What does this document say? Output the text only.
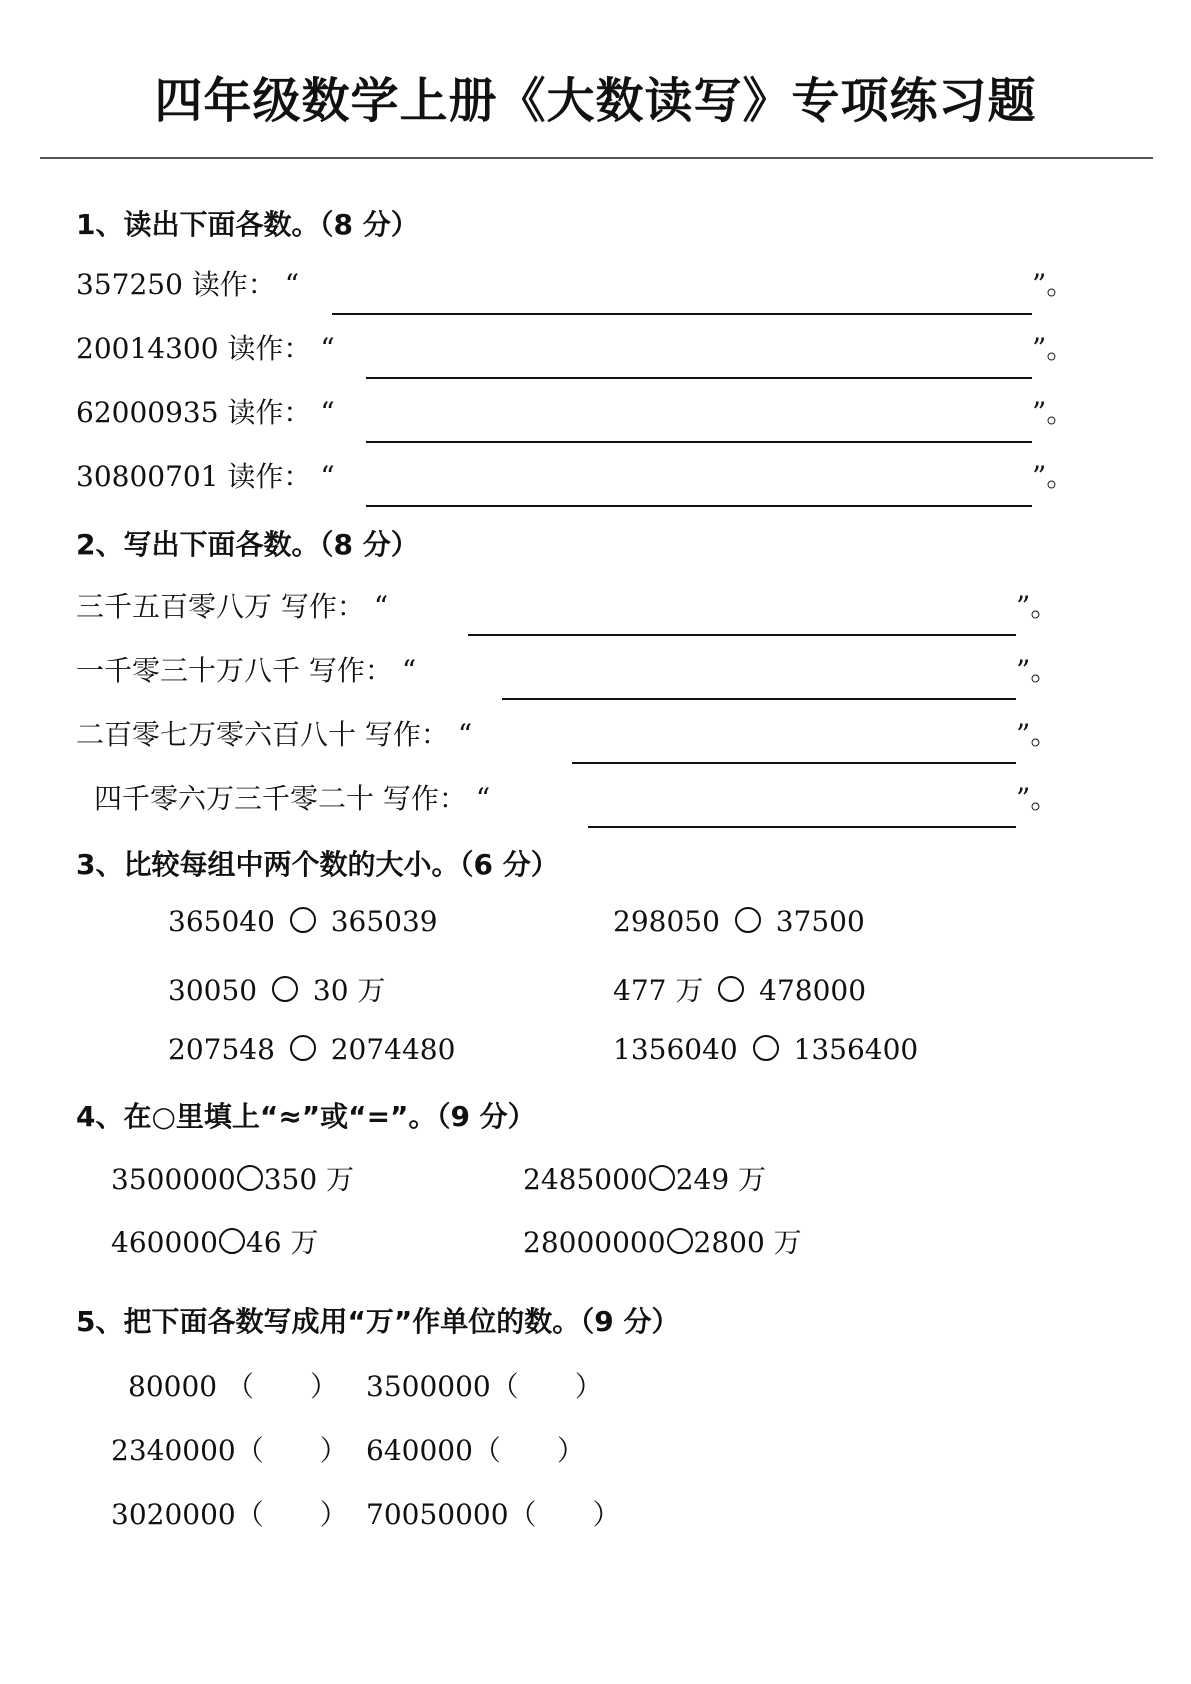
四年级数学上册《大数读写》专项练习题
1、读出下面各数。（8 分）
357250 读作： “	”。
20014300 读作： “	”。
62000935 读作： “	”。
30800701 读作： “	”。
2、写出下面各数。（8 分）
三千五百零八万 写作： “	”。
一千零三十万八千 写作： “	”。
二百零七万零六百八十 写作： “	”。
四千零六万三千零二十 写作： “	”。
3、比较每组中两个数的大小。（6 分）
365040 365039	298050 37500
30050 30 万	477 万 478000
207548 2074480	1356040 1356400
4、在○里填上“≈”或“=”。（9 分）
3500000 350 万	2485000 249 万
460000 46 万	28000000 2800 万
5、把下面各数写成用“万”作单位的数。（9 分）
80000 （　　） 3500000（　　）
2340000（　　） 640000（　　）
3020000（　　） 70050000（　　）
